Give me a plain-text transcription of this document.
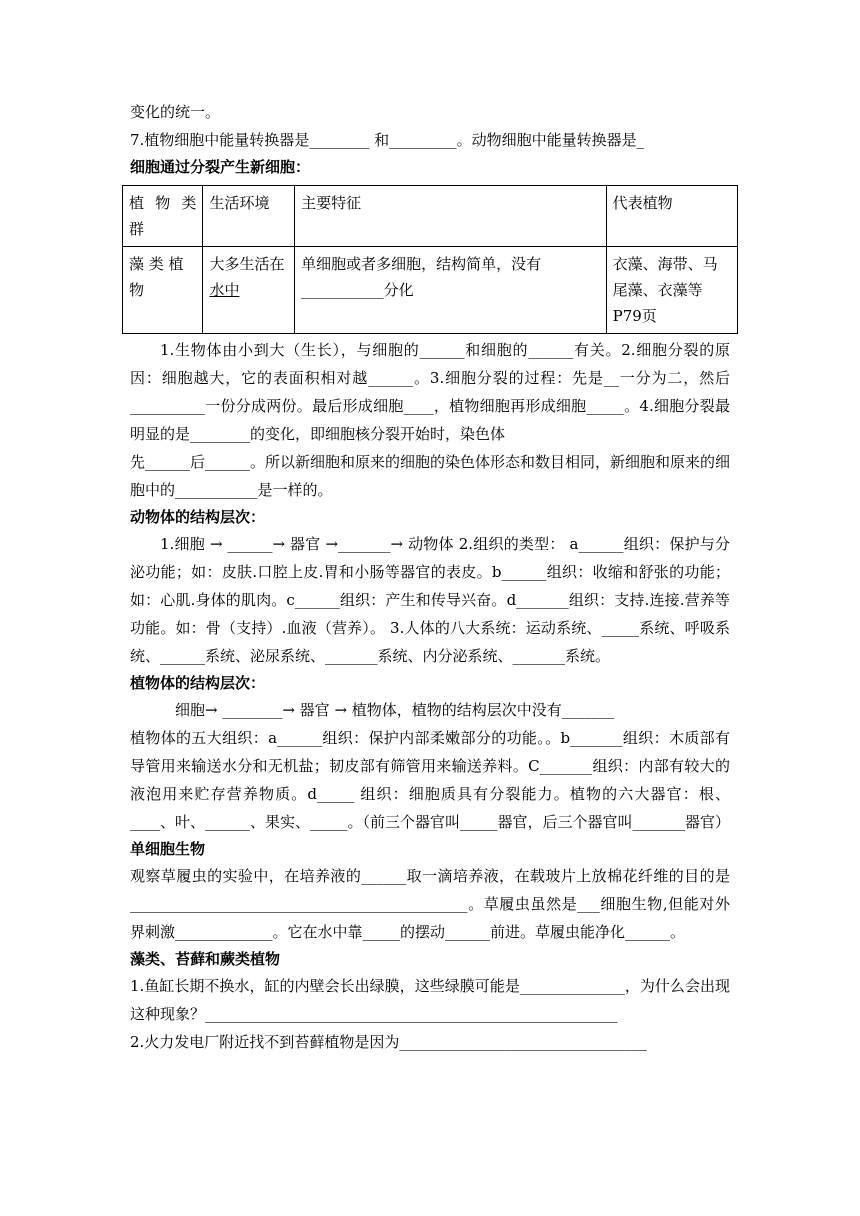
变化的统一。

7.植物细胞中能量转换器是________ 和_________。动物细胞中能量转换器是_

细胞通过分裂产生新细胞：

植 物 类群	生活环境	主要特征	代表植物
藻 类 植物	大多生活在水中	单细胞或者多细胞，结构简单，没有___________分化	衣藻、海带、马尾藻、衣藻等P79页

1.生物体由小到大（生长），与细胞的______和细胞的______有关。2.细胞分裂的原因：细胞越大，它的表面积相对越______。3.细胞分裂的过程：先是__一分为二，然后__________一份分成两份。最后形成细胞____，植物细胞再形成细胞_____。4.细胞分裂最明显的是________的变化，即细胞核分裂开始时，染色体

先______后______。所以新细胞和原来的细胞的染色体形态和数目相同，新细胞和原来的细胞中的___________是一样的。

动物体的结构层次：

1.细胞 → ______→ 器官 →_______→ 动物体 2.组织的类型： a______组织：保护与分泌功能；如：皮肤.口腔上皮.胃和小肠等器官的表皮。b______组织：收缩和舒张的功能；如：心肌.身体的肌肉。c______组织：产生和传导兴奋。d_______组织：支持.连接.营养等功能。如：骨（支持）.血液（营养）。 3.人体的八大系统：运动系统、_____系统、呼吸系统、______系统、泌尿系统、_______系统、内分泌系统、_______系统。

植物体的结构层次：

细胞→ ________→ 器官 → 植物体，植物的结构层次中没有_______

植物体的五大组织：a______组织：保护内部柔嫩部分的功能。。b_______组织：木质部有导管用来输送水分和无机盐；韧皮部有筛管用来输送养料。C_______组织：内部有较大的液泡用来贮存营养物质。d_____ 组织：细胞质具有分裂能力。植物的六大器官：根、____、叶、______、果实、_____。（前三个器官叫_____器官，后三个器官叫_______器官）

单细胞生物

观察草履虫的实验中，在培养液的______取一滴培养液，在载玻片上放棉花纤维的目的是_____________________________________________。草履虫虽然是___细胞生物,但能对外界刺激_____________。它在水中靠_____的摆动______前进。草履虫能净化______。

藻类、苔藓和蕨类植物

1.鱼缸长期不换水，缸的内壁会长出绿膜，这些绿膜可能是______________，为什么会出现这种现象？_______________________________________________________

2.火力发电厂附近找不到苔藓植物是因为_________________________________
